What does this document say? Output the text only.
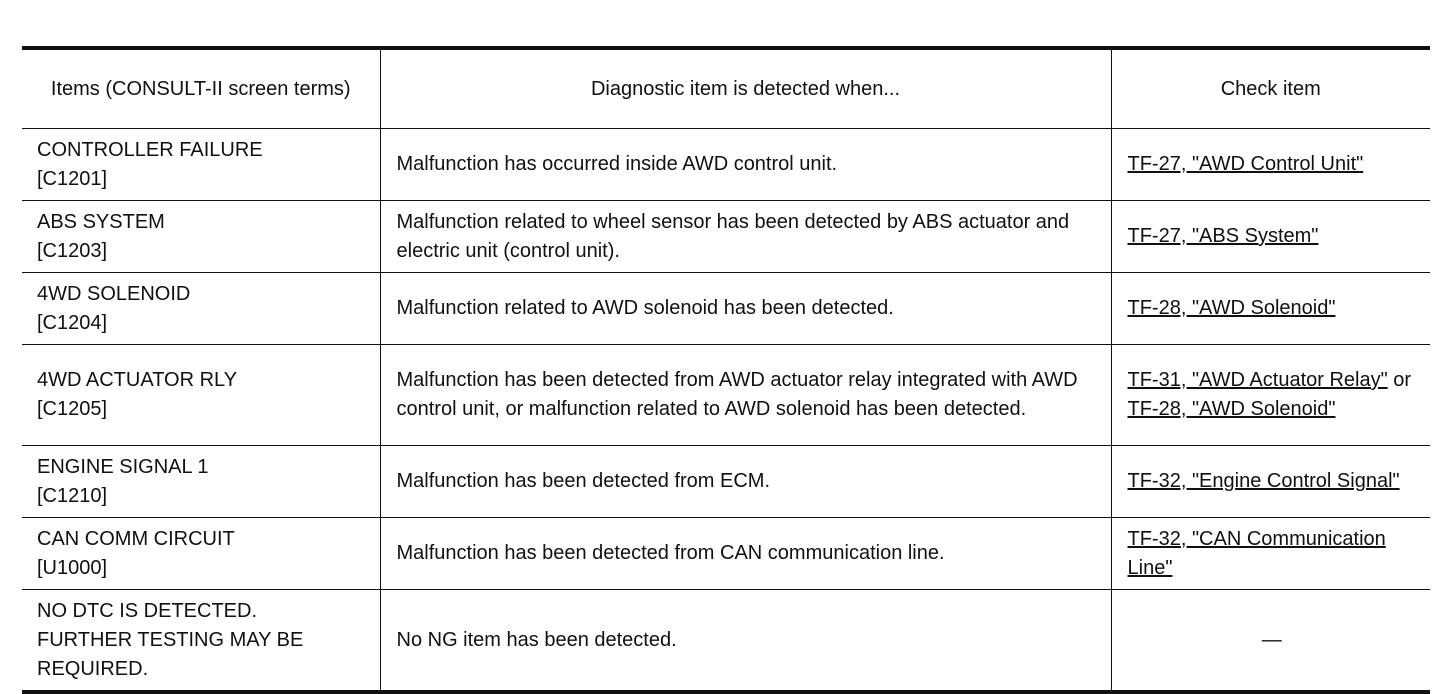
Items (CONSULT-II screen terms)	Diagnostic item is detected when...	Check item

CONTROLLER FAILURE
[C1201]	Malfunction has occurred inside AWD control unit.	TF-27, "AWD Control Unit"

ABS SYSTEM
[C1203]	Malfunction related to wheel sensor has been detected by ABS actuator and electric unit (control unit).	TF-27, "ABS System"

4WD SOLENOID
[C1204]	Malfunction related to AWD solenoid has been detected.	TF-28, "AWD Solenoid"

4WD ACTUATOR RLY
[C1205]	Malfunction has been detected from AWD actuator relay integrated with AWD control unit, or malfunction related to AWD solenoid has been detected.	TF-31, "AWD Actuator Relay" or TF-28, "AWD Solenoid"

ENGINE SIGNAL 1
[C1210]	Malfunction has been detected from ECM.	TF-32, "Engine Control Signal"

CAN COMM CIRCUIT
[U1000]	Malfunction has been detected from CAN communication line.	TF-32, "CAN Communication Line"

NO DTC IS DETECTED.
FURTHER TESTING MAY BE
REQUIRED.	No NG item has been detected.	—
